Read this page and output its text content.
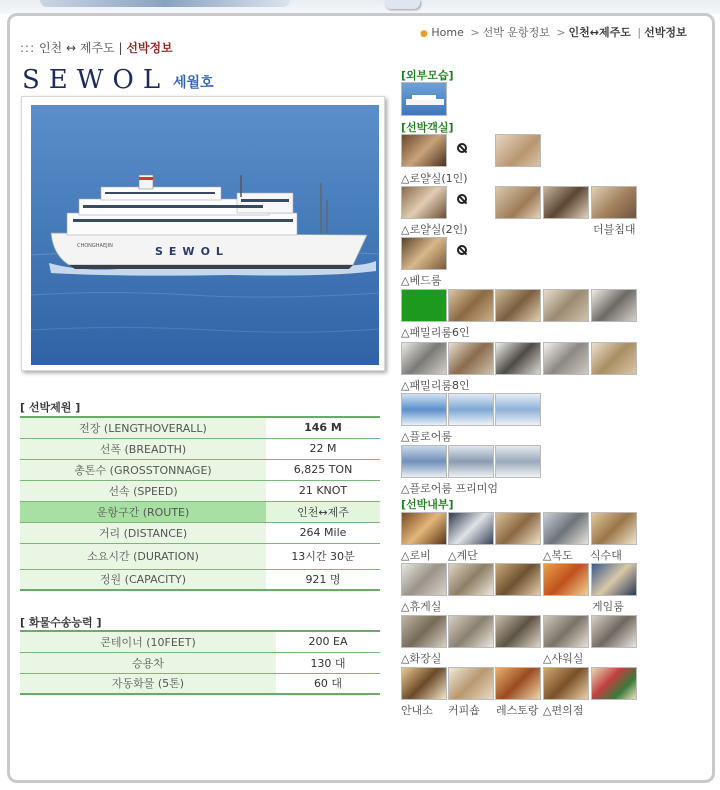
● Home > 선박 운항정보 > 인천↔제주도 | 선박정보
::: 인천 ↔ 제주도 | 선박정보
SEWOL 세월호
SEWOL
CHONGHAEJIN
[ 선박제원 ]
전장 (LENGTHOVERALL)	146 M
선폭 (BREADTH)	22 M
총톤수 (GROSSTONNAGE)	6,825 TON
선속 (SPEED)	21 KNOT
운항구간 (ROUTE)	인천↔제주
거리 (DISTANCE)	264 Mile
소요시간 (DURATION)	13시간 30분
정원 (CAPACITY)	921 명
[ 화물수송능력 ]
콘테이너 (10FEET)	200 EA
승용차	130 대
자동화물 (5톤)	60 대
[외부모습]
[선박객실]
△로얄실(1인)
△로얄실(2인)	더블침대
△베드룸
△패밀리룸6인
△패밀리룸8인
△플로어룸
△플로어룸 프리미엄
[선박내부]
△로비 △계단	△복도 식수대
△휴게실	게임룸
△화장실	△샤워실
안내소 커피숍 레스토랑 △편의점
